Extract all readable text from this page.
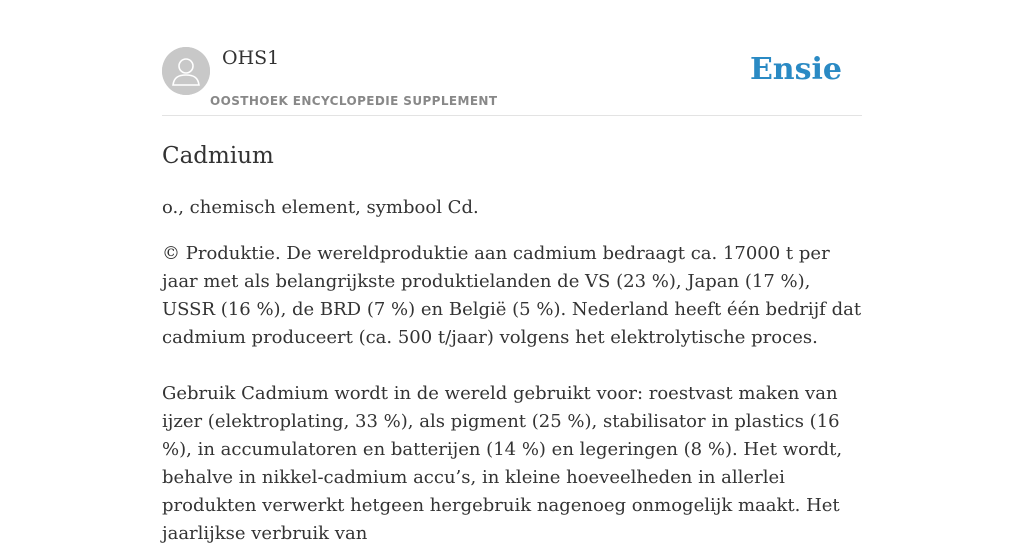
OHS1
OOSTHOEK ENCYCLOPEDIE SUPPLEMENT
Ensie
Cadmium

o., chemisch element, symbool Cd.

© Produktie. De wereldproduktie aan cadmium bedraagt ca. 17000 t per jaar met als belangrijkste produktielanden de VS (23 %), Japan (17 %), USSR (16 %), de BRD (7 %) en België (5 %). Nederland heeft één bedrijf dat cadmium produceert (ca. 500 t/jaar) volgens het elektrolytische proces.

Gebruik Cadmium wordt in de wereld gebruikt voor: roestvast maken van ijzer (elektroplating, 33 %), als pigment (25 %), stabilisator in plastics (16 %), in accumulatoren en batterijen (14 %) en legeringen (8 %). Het wordt, behalve in nikkel-cadmium accu’s, in kleine hoeveelheden in allerlei produkten verwerkt hetgeen hergebruik nagenoeg onmogelijk maakt. Het jaarlijkse verbruik van
